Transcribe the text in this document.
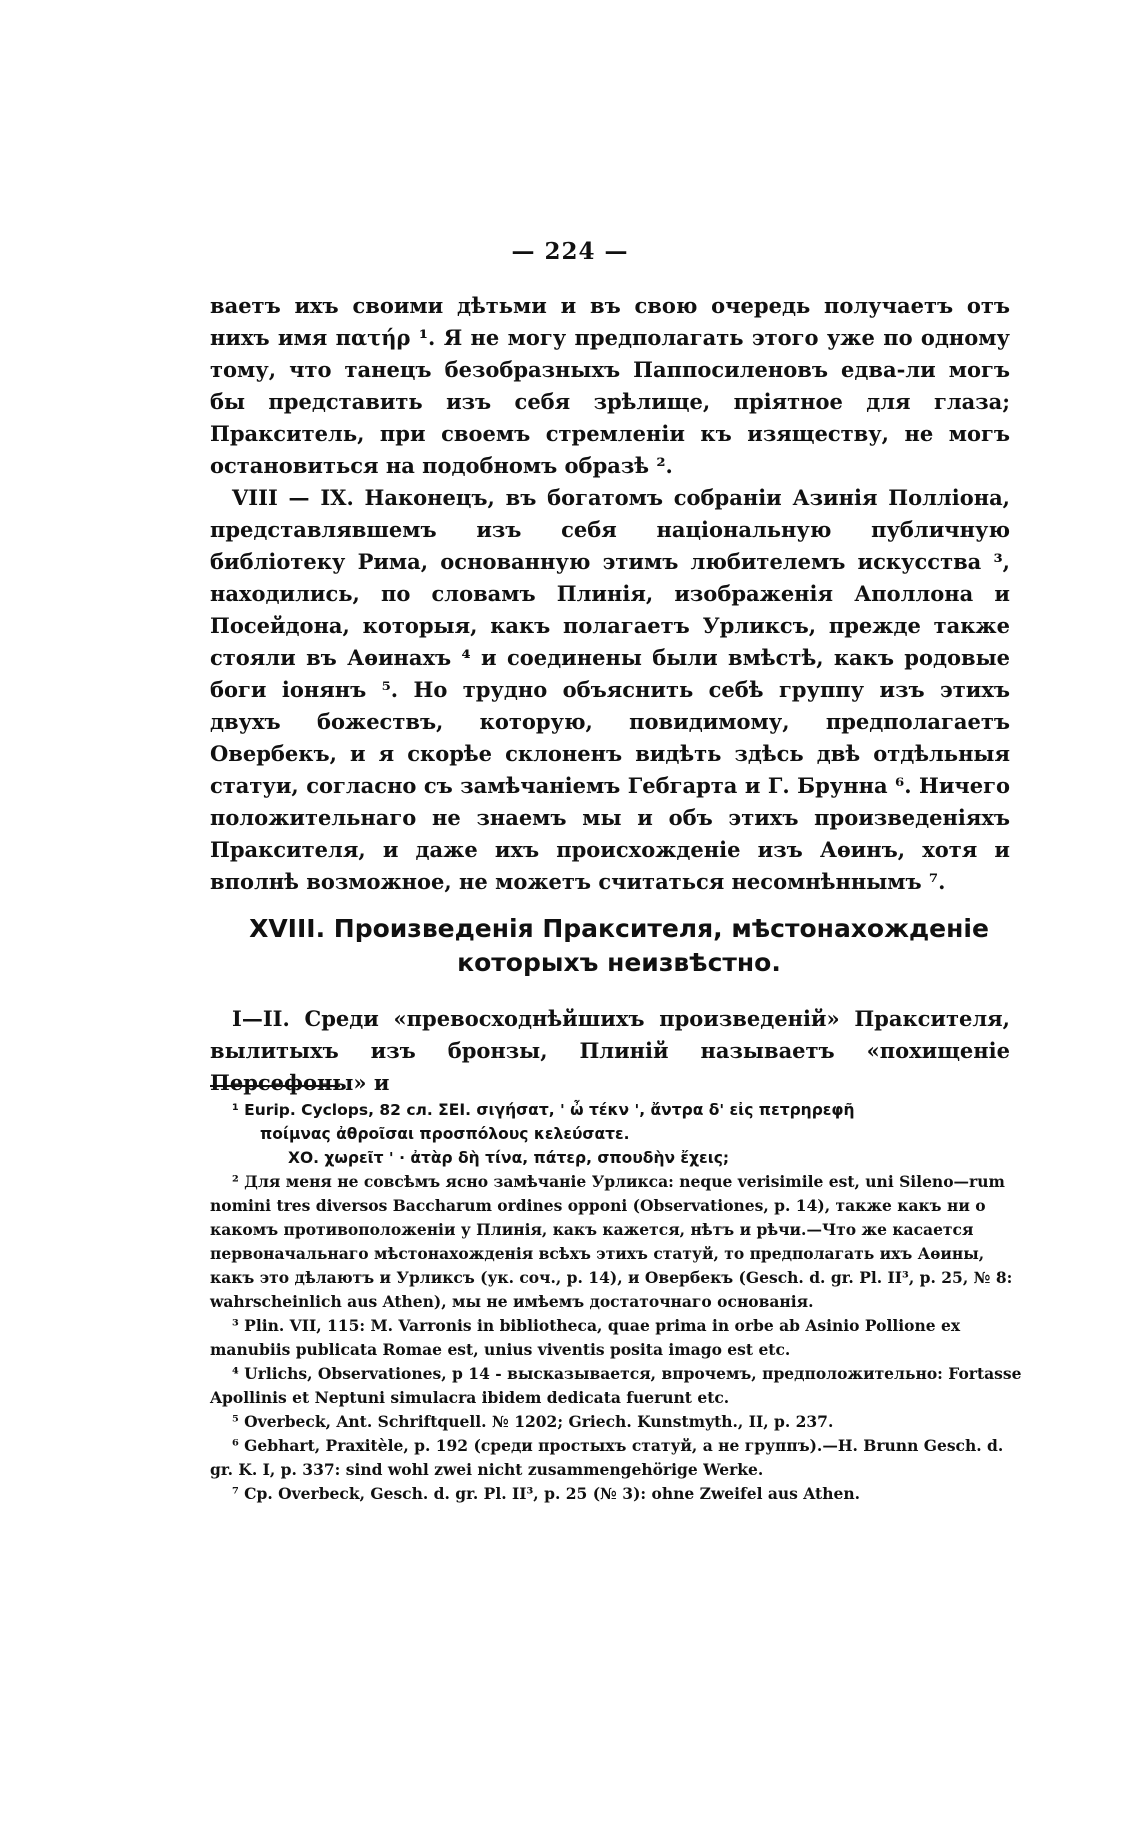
— 224 —

ваетъ ихъ своими дѣтьми и въ свою очередь получаетъ отъ нихъ имя πατήρ ¹. Я не могу предполагать этого уже по одному тому, что танецъ безобразныхъ Паппосиленовъ едва-ли могъ бы представить изъ себя зрѣлище, пріятное для глаза; Пракситель, при своемъ стремленіи къ изяществу, не могъ остановиться на подобномъ образѣ ².

VIII — IX. Наконецъ, въ богатомъ собраніи Азинія Полліона, представлявшемъ изъ себя національную публичную библіотеку Рима, основанную этимъ любителемъ искусства ³, находились, по словамъ Плинія, изображенія Аполлона и Посейдона, которыя, какъ полагаетъ Урликсъ, прежде также стояли въ Аѳинахъ ⁴ и соединены были вмѣстѣ, какъ родовые боги іонянъ ⁵. Но трудно объяснить себѣ группу изъ этихъ двухъ божествъ, которую, повидимому, предполагаетъ Овербекъ, и я скорѣе склоненъ видѣть здѣсь двѣ отдѣльныя статуи, согласно съ замѣчаніемъ Гебгарта и Г. Брунна ⁶. Ничего положительнаго не знаемъ мы и объ этихъ произведеніяхъ Праксителя, и даже ихъ происхожденіе изъ Аѳинъ, хотя и вполнѣ возможное, не можетъ считаться несомнѣннымъ ⁷.

XVIII. Произведенія Праксителя, мѣстонахожденіе которыхъ неизвѣстно.

I—II. Среди «превосходнѣйшихъ произведеній» Праксителя, вылитыхъ изъ бронзы, Плиній называетъ «похищеніе Персефоны» и

¹ Eurip. Cyclops, 82 сл. ΣΕΙ. σιγήσατ, ' ὦ τέκν ', ἄντρα δ' εἰς πετρηρεφῆ

ποίμνας ἀθροῖσαι προσπόλους κελεύσατε.

ΧΟ. χωρεῖτ ' · ἀτὰρ δὴ τίνα, πάτερ, σπουδὴν ἔχεις;

² Для меня не совсѣмъ ясно замѣчаніе Урликса: neque verisimile est, uni Sileno—rum nomini tres diversos Baccharum ordines opponi (Observationes, p. 14), также какъ ни о какомъ противоположеніи у Плинія, какъ кажется, нѣтъ и рѣчи.—Что же касается первоначальнаго мѣстонахожденія всѣхъ этихъ статуй, то предполагать ихъ Аѳины, какъ это дѣлаютъ и Урликсъ (ук. соч., р. 14), и Овербекъ (Gesch. d. gr. Pl. II³, p. 25, № 8: wahrscheinlich aus Athen), мы не имѣемъ достаточнаго основанія.

³ Plin. VII, 115: M. Varronis in bibliotheca, quae prima in orbe ab Asinio Pollione ex manubiis publicata Romae est, unius viventis posita imago est etc.

⁴ Urlichs, Observationes, p 14 - высказывается, впрочемъ, предположительно: Fortasse Apollinis et Neptuni simulacra ibidem dedicata fuerunt etc.

⁵ Overbeck, Ant. Schriftquell. № 1202; Griech. Kunstmyth., II, p. 237.

⁶ Gebhart, Praxitèle, p. 192 (среди простыхъ статуй, а не группъ).—H. Brunn Gesch. d. gr. K. I, p. 337: sind wohl zwei nicht zusammengehörige Werke.

⁷ Cp. Overbeck, Gesch. d. gr. Pl. II³, p. 25 (№ 3): ohne Zweifel aus Athen.
